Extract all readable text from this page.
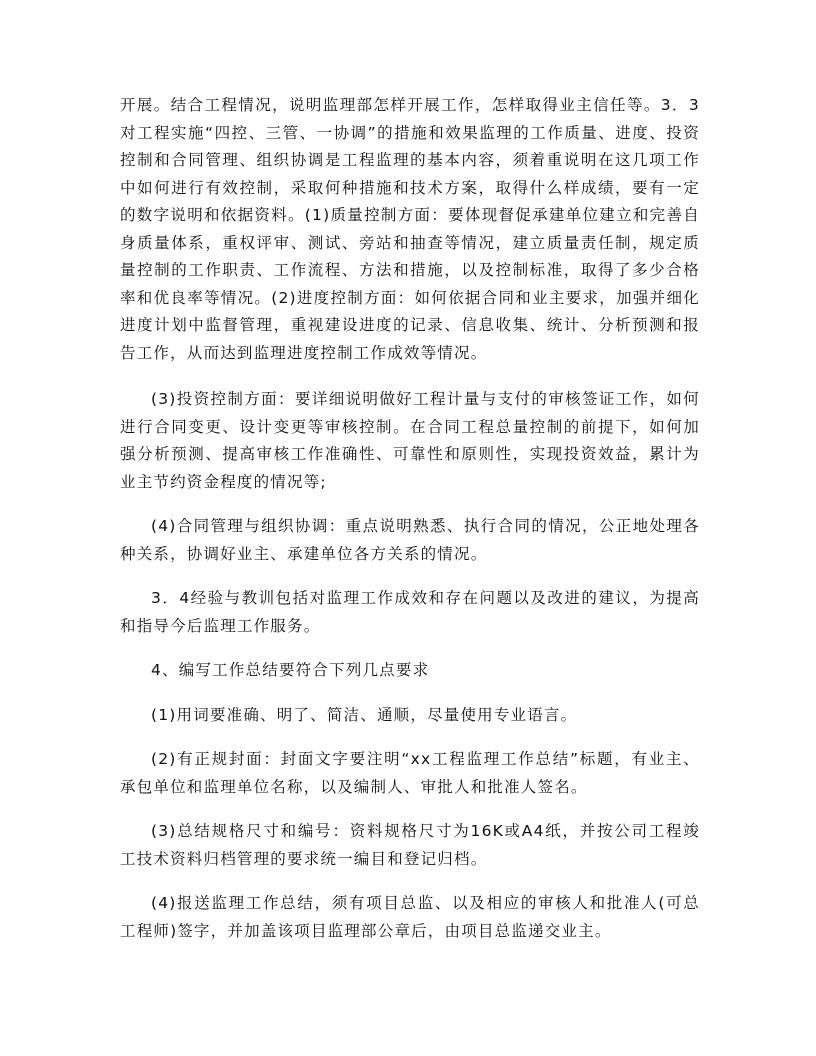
开展。结合工程情况，说明监理部怎样开展工作，怎样取得业主信任等。3．3对工程实施“四控、三管、一协调”的措施和效果监理的工作质量、进度、投资控制和合同管理、组织协调是工程监理的基本内容，须着重说明在这几项工作中如何进行有效控制，采取何种措施和技术方案，取得什么样成绩，要有一定的数字说明和依据资料。(1)质量控制方面：要体现督促承建单位建立和完善自身质量体系，重权评审、测试、旁站和抽查等情况，建立质量责任制，规定质量控制的工作职责、工作流程、方法和措施，以及控制标准，取得了多少合格率和优良率等情况。(2)进度控制方面：如何依据合同和业主要求，加强并细化进度计划中监督管理，重视建设进度的记录、信息收集、统计、分析预测和报告工作，从而达到监理进度控制工作成效等情况。

(3)投资控制方面：要详细说明做好工程计量与支付的审核签证工作，如何进行合同变更、设计变更等审核控制。在合同工程总量控制的前提下，如何加强分析预测、提高审核工作准确性、可靠性和原则性，实现投资效益，累计为业主节约资金程度的情况等;

(4)合同管理与组织协调：重点说明熟悉、执行合同的情况，公正地处理各种关系，协调好业主、承建单位各方关系的情况。

3．4经验与教训包括对监理工作成效和存在问题以及改进的建议，为提高和指导今后监理工作服务。

4、编写工作总结要符合下列几点要求

(1)用词要准确、明了、简洁、通顺，尽量使用专业语言。

(2)有正规封面：封面文字要注明“xx工程监理工作总结”标题，有业主、承包单位和监理单位名称，以及编制人、审批人和批准人签名。

(3)总结规格尺寸和编号：资料规格尺寸为16K或A4纸，并按公司工程竣工技术资料归档管理的要求统一编目和登记归档。

(4)报送监理工作总结，须有项目总监、以及相应的审核人和批准人(可总工程师)签字，并加盖该项目监理部公章后，由项目总监递交业主。
